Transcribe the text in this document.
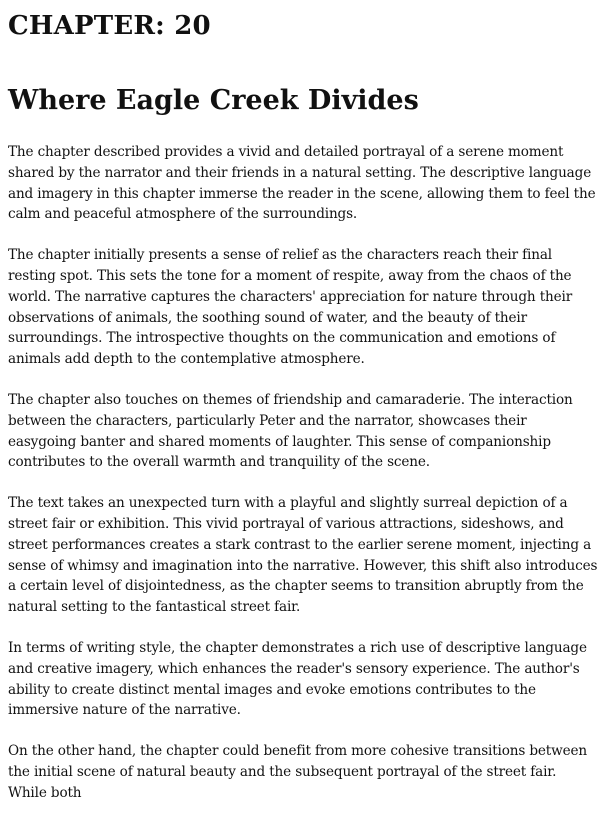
CHAPTER: 20
Where Eagle Creek Divides

The chapter described provides a vivid and detailed portrayal of a serene moment shared by the narrator and their friends in a natural setting. The descriptive language and imagery in this chapter immerse the reader in the scene, allowing them to feel the calm and peaceful atmosphere of the surroundings.

The chapter initially presents a sense of relief as the characters reach their final resting spot. This sets the tone for a moment of respite, away from the chaos of the world. The narrative captures the characters' appreciation for nature through their observations of animals, the soothing sound of water, and the beauty of their surroundings. The introspective thoughts on the communication and emotions of animals add depth to the contemplative atmosphere.

The chapter also touches on themes of friendship and camaraderie. The interaction between the characters, particularly Peter and the narrator, showcases their easygoing banter and shared moments of laughter. This sense of companionship contributes to the overall warmth and tranquility of the scene.

The text takes an unexpected turn with a playful and slightly surreal depiction of a street fair or exhibition. This vivid portrayal of various attractions, sideshows, and street performances creates a stark contrast to the earlier serene moment, injecting a sense of whimsy and imagination into the narrative. However, this shift also introduces a certain level of disjointedness, as the chapter seems to transition abruptly from the natural setting to the fantastical street fair.

In terms of writing style, the chapter demonstrates a rich use of descriptive language and creative imagery, which enhances the reader's sensory experience. The author's ability to create distinct mental images and evoke emotions contributes to the immersive nature of the narrative.

On the other hand, the chapter could benefit from more cohesive transitions between the initial scene of natural beauty and the subsequent portrayal of the street fair. While both
